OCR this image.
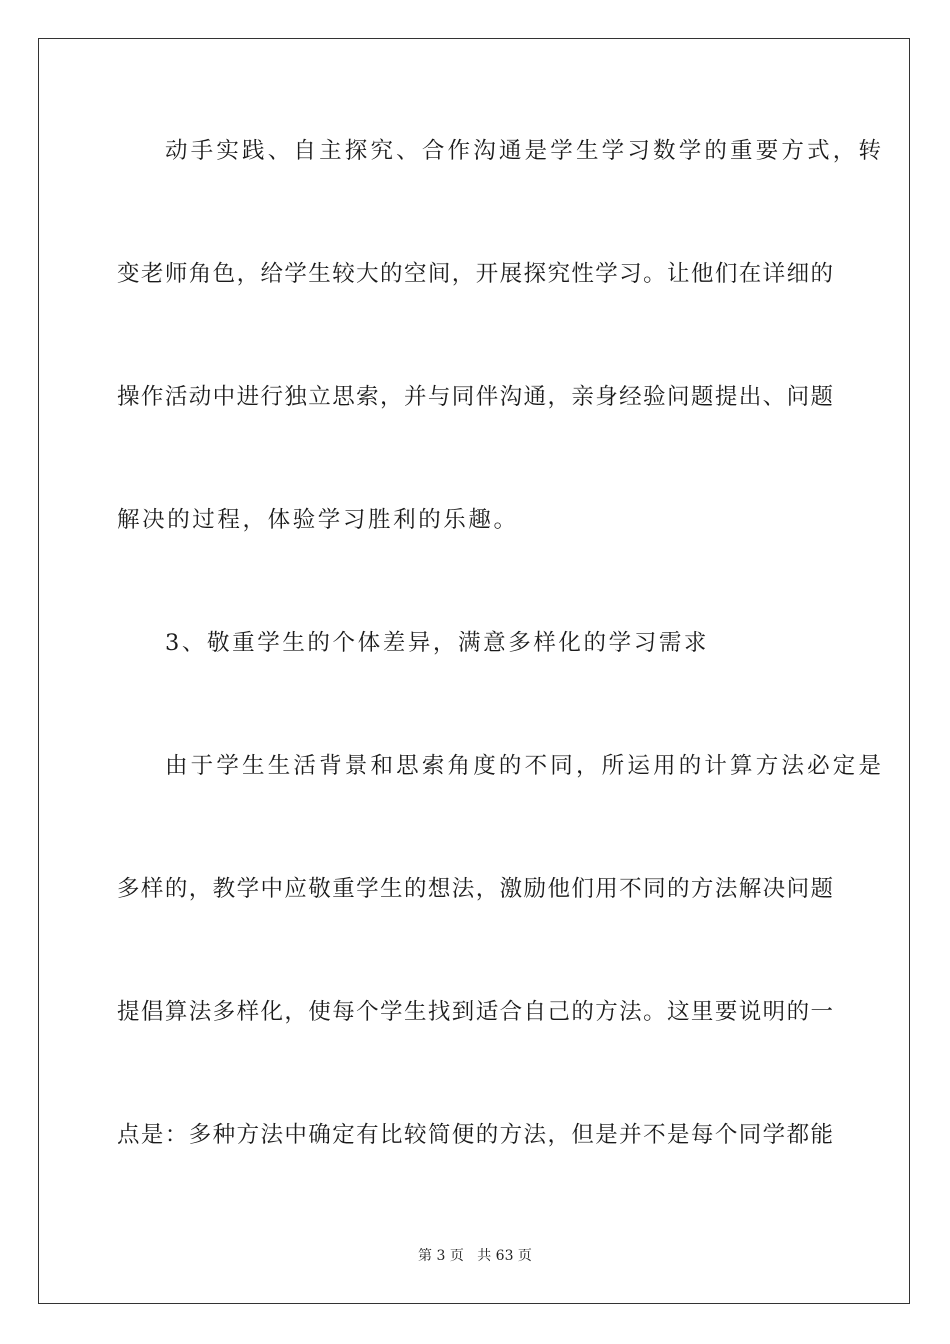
动手实践、自主探究、合作沟通是学生学习数学的重要方式，转
变老师角色，给学生较大的空间，开展探究性学习。让他们在详细的
操作活动中进行独立思索，并与同伴沟通，亲身经验问题提出、问题
解决的过程，体验学习胜利的乐趣。
3、敬重学生的个体差异，满意多样化的学习需求
由于学生生活背景和思索角度的不同，所运用的计算方法必定是
多样的，教学中应敬重学生的想法，激励他们用不同的方法解决问题
提倡算法多样化，使每个学生找到适合自己的方法。这里要说明的一
点是：多种方法中确定有比较简便的方法，但是并不是每个同学都能
第 3 页 共 63 页
